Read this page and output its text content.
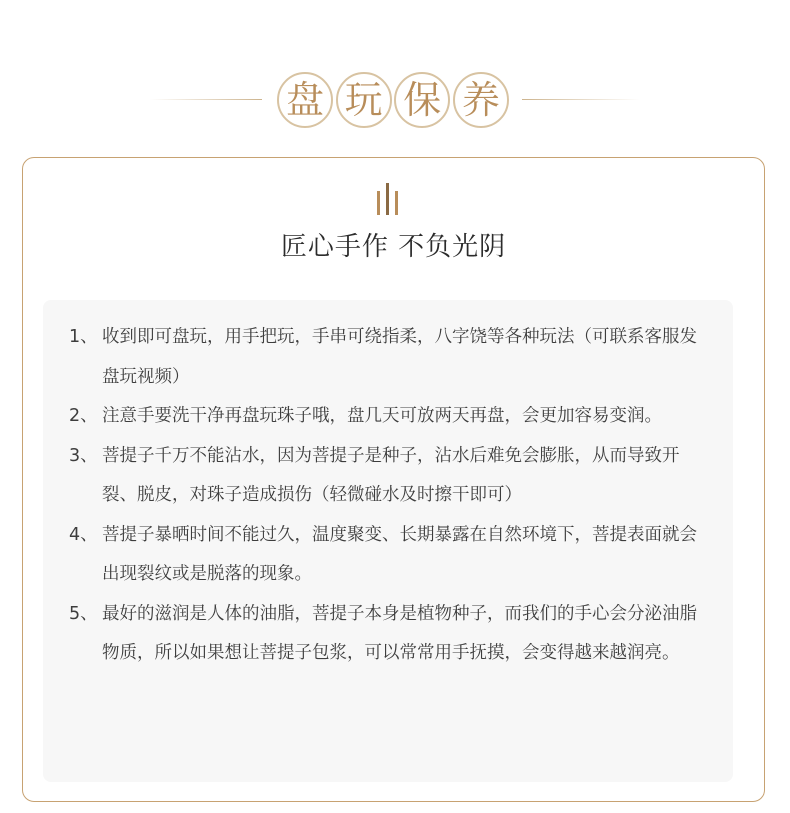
盘 玩 保 养
匠心手作 不负光阴
1、 收到即可盘玩，用手把玩，手串可绕指柔，八字饶等各种玩法（可联系客服发盘玩视频）
2、 注意手要洗干净再盘玩珠子哦，盘几天可放两天再盘，会更加容易变润。
3、 菩提子千万不能沾水，因为菩提子是种子，沾水后难免会膨胀，从而导致开裂、脱皮，对珠子造成损伤（轻微碰水及时擦干即可）
4、 菩提子暴晒时间不能过久，温度聚变、长期暴露在自然环境下，菩提表面就会出现裂纹或是脱落的现象。
5、 最好的滋润是人体的油脂，菩提子本身是植物种子，而我们的手心会分泌油脂物质，所以如果想让菩提子包浆，可以常常用手抚摸，会变得越来越润亮。
